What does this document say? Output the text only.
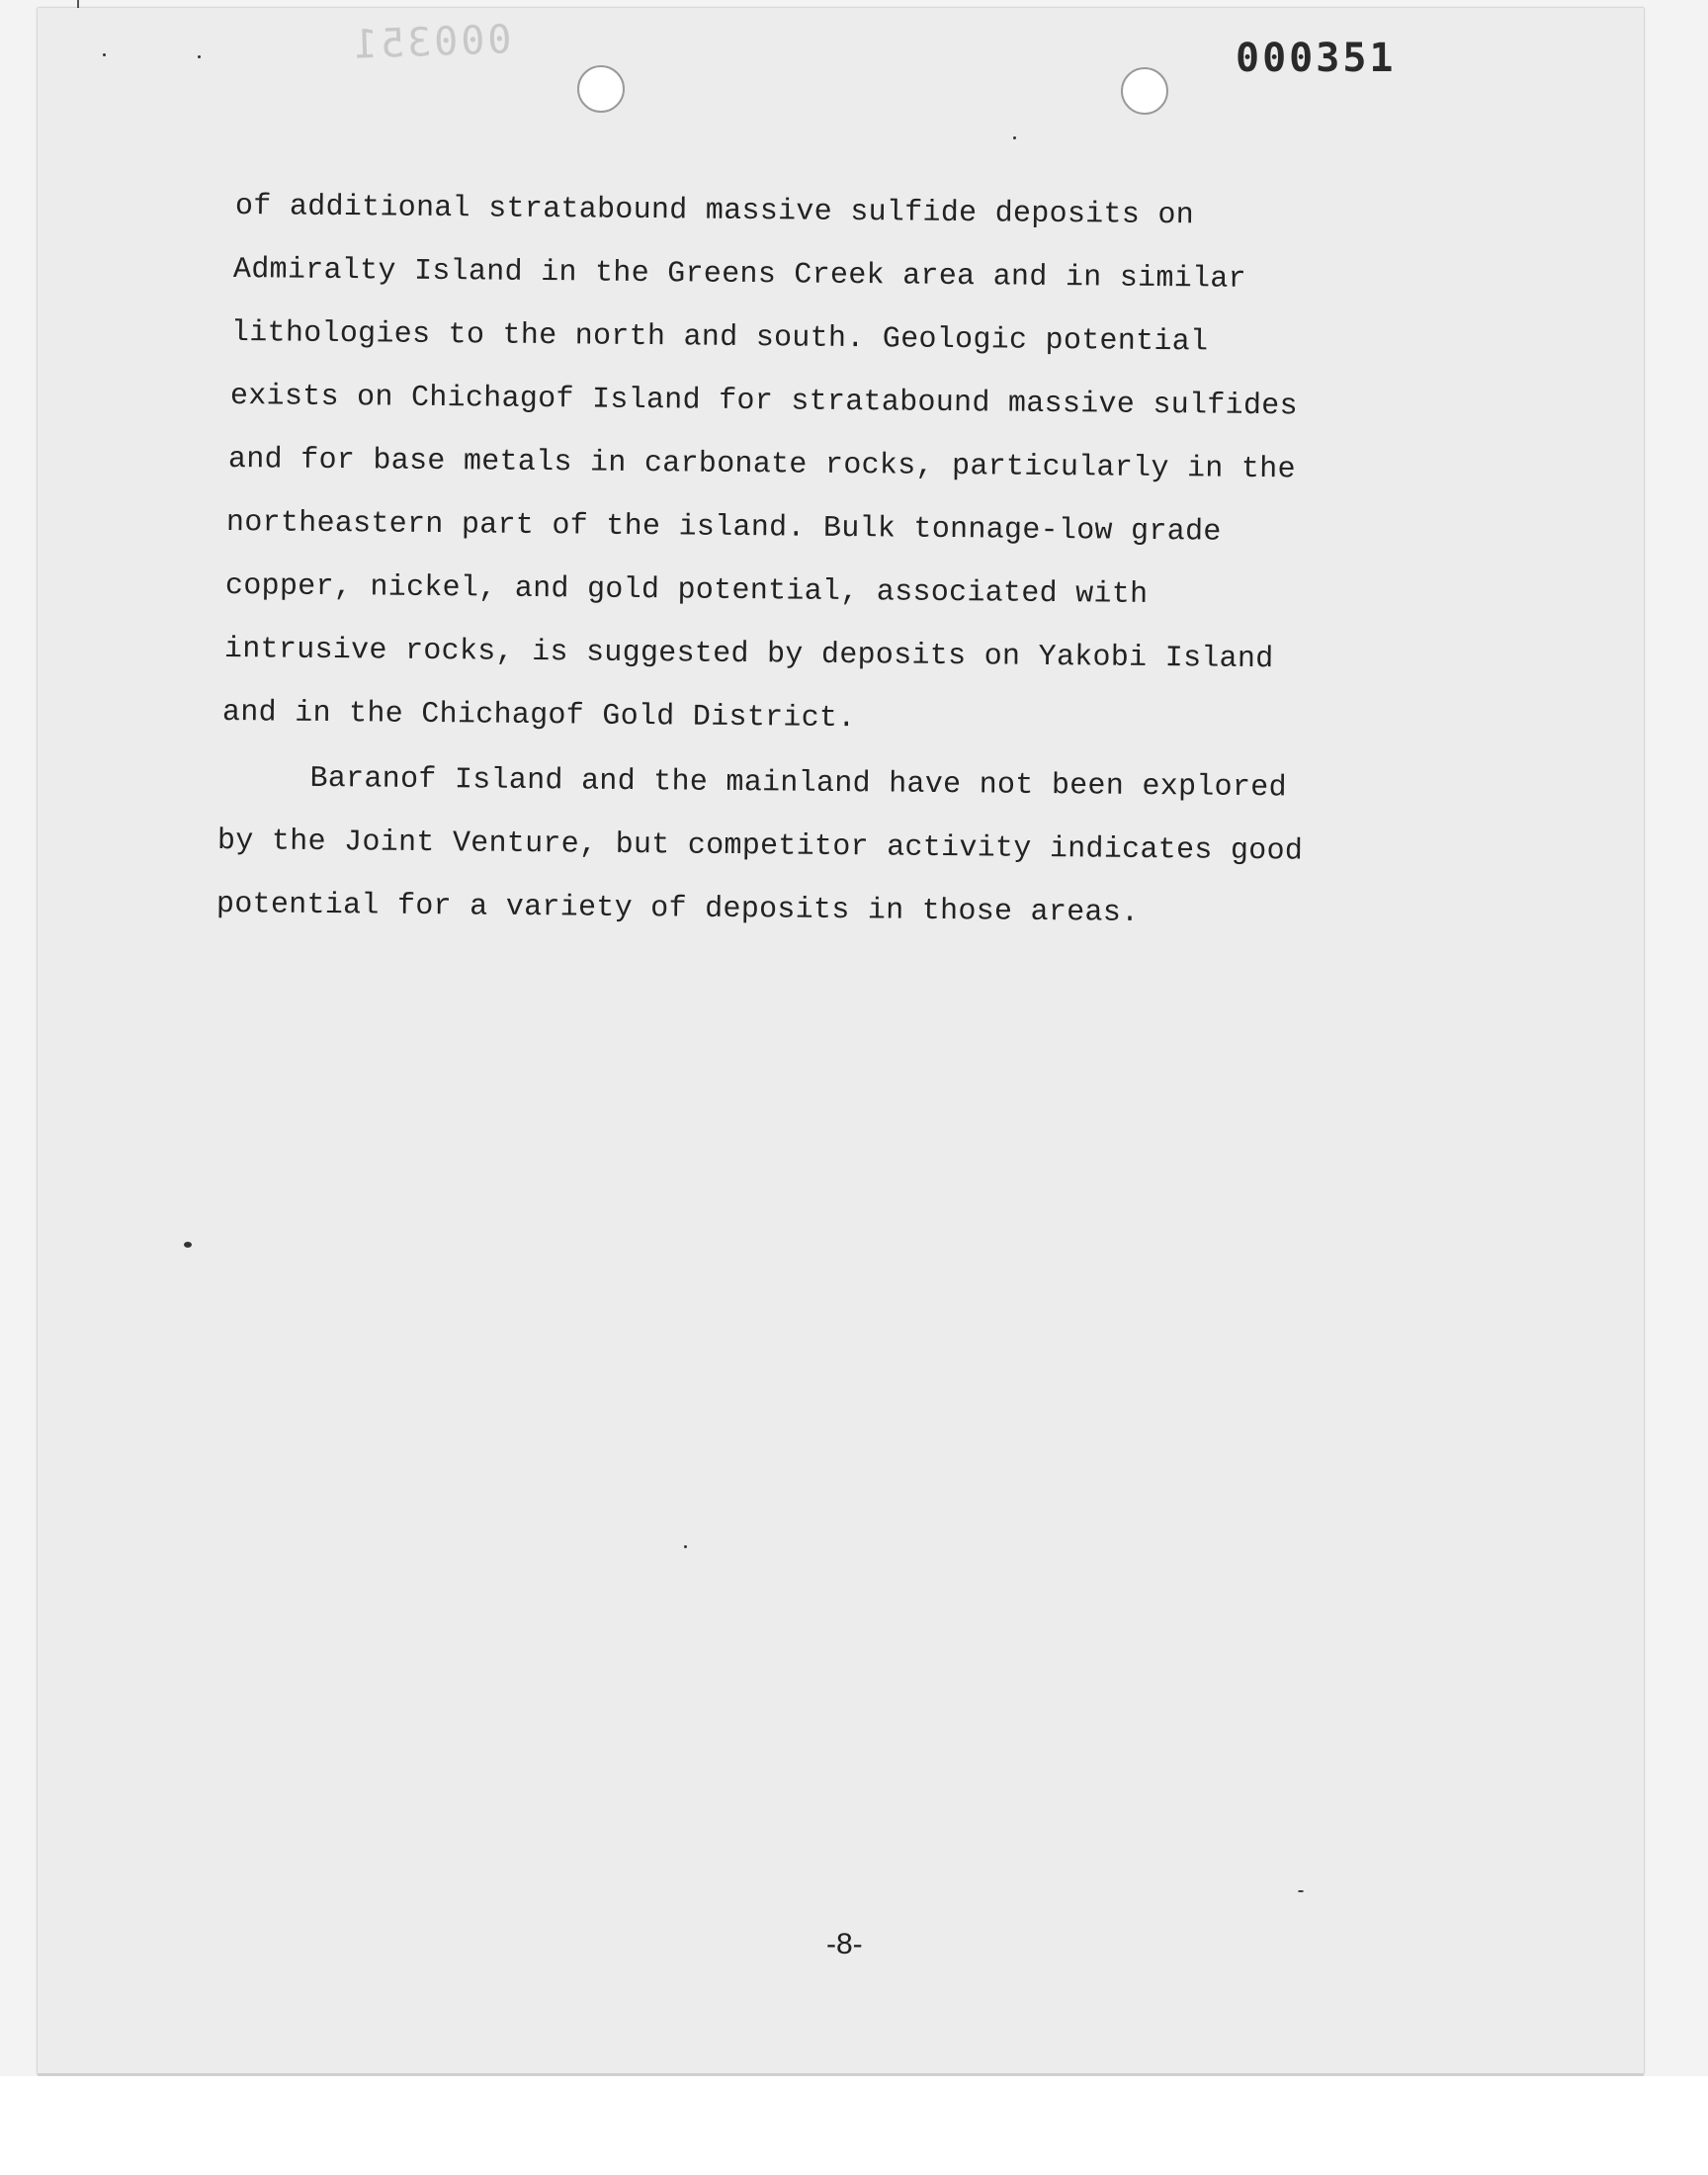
000351	000351
of additional stratabound massive sulfide deposits on
Admiralty Island in the Greens Creek area and in similar
lithologies to the north and south. Geologic potential
exists on Chichagof Island for stratabound massive sulfides
and for base metals in carbonate rocks, particularly in the
northeastern part of the island. Bulk tonnage-low grade
copper, nickel, and gold potential, associated with
intrusive rocks, is suggested by deposits on Yakobi Island
and in the Chichagof Gold District.
Baranof Island and the mainland have not been explored
by the Joint Venture, but competitor activity indicates good
potential for a variety of deposits in those areas.
-8-
